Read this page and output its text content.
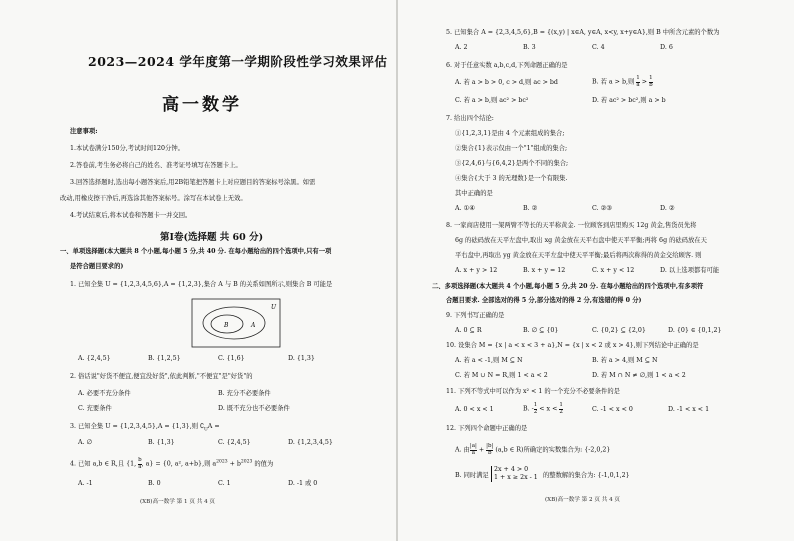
2023—2024 学年度第一学期阶段性学习效果评估
高一数学
注意事项:
1.本试卷满分150分,考试时间120分钟。
2.答卷前,考生务必将自己的姓名、准考证号填写在答题卡上。
3.回答选择题时,选出每小题答案后,用2B铅笔把答题卡上对应题目的答案标号涂黑。如需
改动,用橡皮擦干净后,再选涂其他答案标号。涂写在本试卷上无效。
4.考试结束后,将本试卷和答题卡一并交回。
第Ⅰ卷(选择题 共 60 分)
一、单项选择题(本大题共 8 个小题,每小题 5 分,共 40 分. 在每小题给出的四个选项中,只有一项
是符合题目要求的)
1. 已知全集 U = {1,2,3,4,5,6},A = {1,2,3},集合 A 与 B 的关系如图所示,则集合 B 可能是
U
A
B
A. {2,4,5}	B. {1,2,5}	C. {1,6}	D. {1,3}
2. 俗话说"好货不便宜,便宜没好货",依此判断,"不便宜"是"好货"的
A. 必要不充分条件	B. 充分不必要条件
C. 充要条件	D. 既不充分也不必要条件
3. 已知全集 U = {1,2,3,4,5},A = {1,3},则 $∁_UA$ =
A. ∅	B. {1,3}	C. {2,4,5}	D. {1,2,3,4,5}
4. 已知 a,b ∈ R,且 {1, $\frac{b}{a}$ , a} = {0, a², a+b},则 $a^{2023} + b^{2023}$ 的值为
A. -1	B. 0	C. 1	D. -1 或 0
(XB)高一数学 第 1 页 共 4 页
5. 已知集合 A = {2,3,4,5,6},B = {(x,y) | x∈A, y∈A, x<y, x+y∈A},则 B 中所含元素的个数为
A. 2	B. 3	C. 4	D. 6
6. 对于任意实数 a,b,c,d,下列命题正确的是
A. 若 a > b > 0, c > d,则 ac > bd	B. 若 a > b,则 $\frac{1}{a} > \frac{1}{b}$
C. 若 a > b,则 ac² > bc²	D. 若 ac² > bc²,则 a > b
7. 给出四个结论:
①{1,2,3,1}是由 4 个元素组成的集合;
②集合{1}表示仅由一个"1"组成的集合;
③{2,4,6}与{6,4,2}是两个不同的集合;
④集合{大于 3 的无理数}是一个有限集.
其中正确的是
A. ①④	B. ②	C. ②③	D. ②
8. 一家商店使用一架两臂不等长的天平称黄金. 一位顾客到店里购买 12g 黄金,售货员先将
6g 的砝码放在天平左盘中,取出 xg 黄金放在天平右盘中使天平平衡;再将 6g 的砝码放在天
平右盘中,再取出 yg 黄金放在天平左盘中使天平平衡;最后将两次称得的黄金交给顾客. 则
A. x + y > 12	B. x + y = 12	C. x + y < 12	D. 以上选项都有可能
二、多项选择题(本大题共 4 个小题,每小题 5 分,共 20 分. 在每小题给出的四个选项中,有多项符
合题目要求. 全部选对的得 5 分,部分选对的得 2 分,有选错的得 0 分)
9. 下列书写正确的是
A. 0 ⊆ R	B. ∅ ⊆ {0}	C. {0,2} ⊆ {2,0}	D. {0} ∈ {0,1,2}
10. 设集合 M = {x | a < x < 3 + a},N = {x | x < 2 或 x > 4},则下列结论中正确的是
A. 若 a < -1,则 M ⊆ N	B. 若 a > 4,则 M ⊆ N
C. 若 M ∪ N = R,则 1 < a < 2	D. 若 M ∩ N ≠ ∅,则 1 < a < 2
11. 下列不等式中可以作为 x² < 1 的一个充分不必要条件的是
A. 0 < x < 1	B. - $\frac{1}{2} < x < \frac{1}{2}$	C. -1 < x < 0	D. -1 < x < 1
12. 下列四个命题中正确的是
A. 由 $\frac{|a|}{a} + \frac{|b|}{b} (a,b$ ∈ R)所确定的实数集合为: {-2,0,2}
B. 同时满足
2x + 4 > 0
1 + x ≥ 2x - 1 的整数解的集合为: {-1,0,1,2}
(XB)高一数学 第 2 页 共 4 页
